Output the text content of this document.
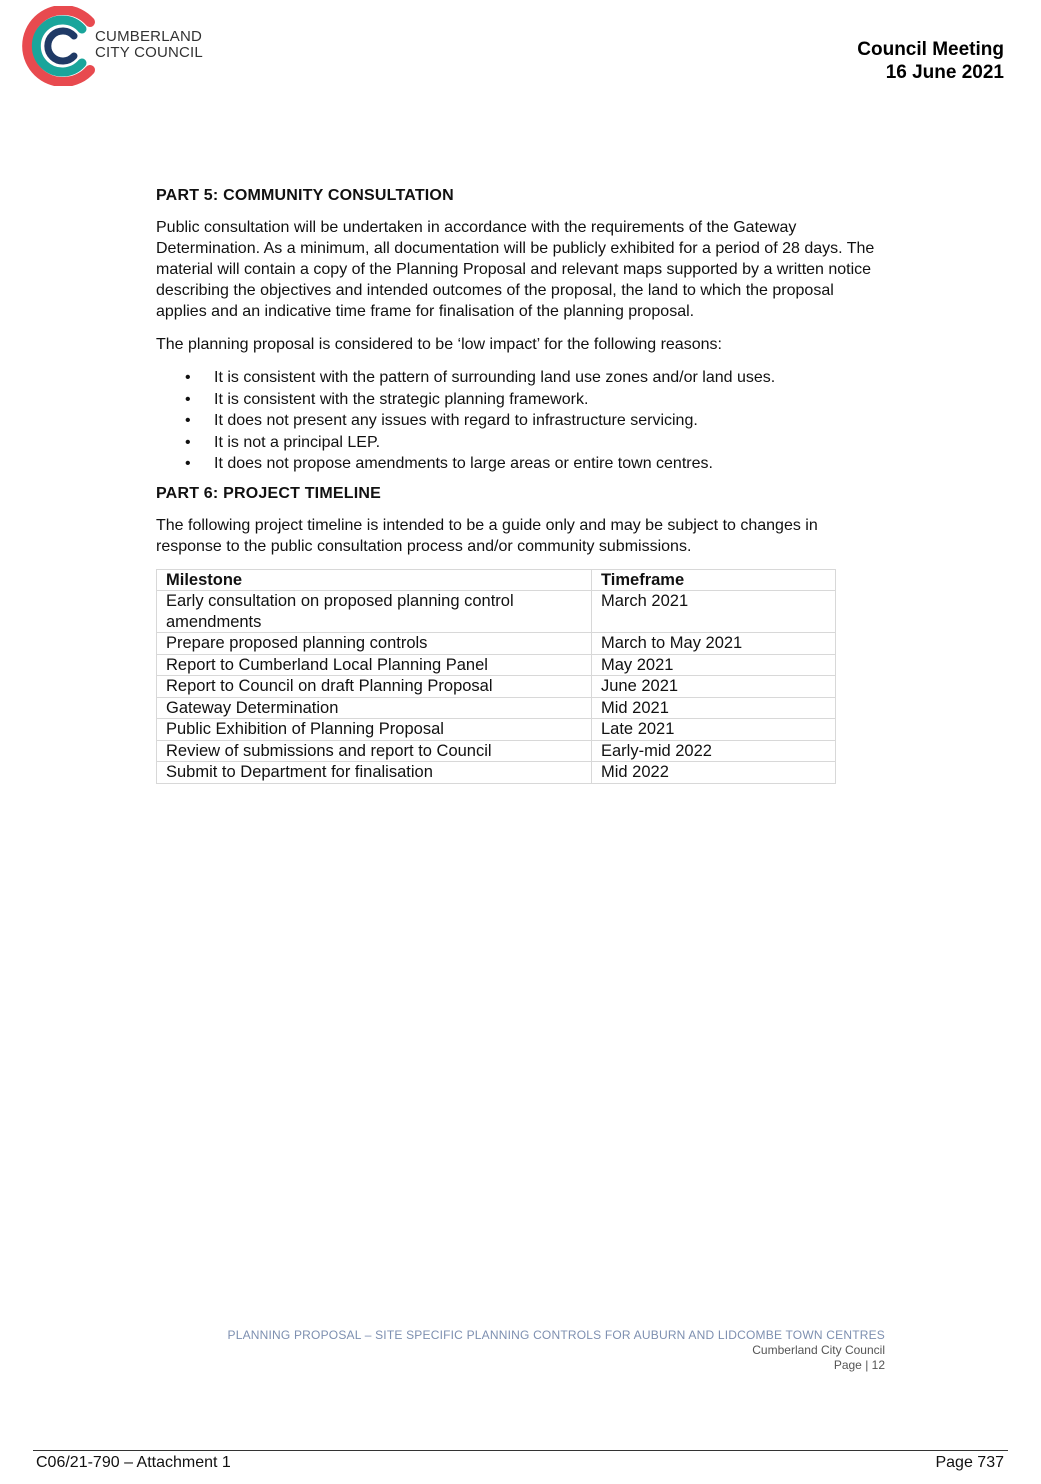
CUMBERLAND
CITY COUNCIL	Council Meeting
16 June 2021
PART 5: COMMUNITY CONSULTATION

Public consultation will be undertaken in accordance with the requirements of the Gateway Determination. As a minimum, all documentation will be publicly exhibited for a period of 28 days. The material will contain a copy of the Planning Proposal and relevant maps supported by a written notice describing the objectives and intended outcomes of the proposal, the land to which the proposal applies and an indicative time frame for finalisation of the planning proposal.

The planning proposal is considered to be ‘low impact’ for the following reasons:

• It is consistent with the pattern of surrounding land use zones and/or land uses.
• It is consistent with the strategic planning framework.
• It does not present any issues with regard to infrastructure servicing.
• It is not a principal LEP.
• It does not propose amendments to large areas or entire town centres.
PART 6: PROJECT TIMELINE

The following project timeline is intended to be a guide only and may be subject to changes in response to the public consultation process and/or community submissions.

Milestone	Timeframe
Early consultation on proposed planning control amendments	March 2021
Prepare proposed planning controls	March to May 2021
Report to Cumberland Local Planning Panel	May 2021
Report to Council on draft Planning Proposal	June 2021
Gateway Determination	Mid 2021
Public Exhibition of Planning Proposal	Late 2021
Review of submissions and report to Council	Early-mid 2022
Submit to Department for finalisation	Mid 2022
PLANNING PROPOSAL – SITE SPECIFIC PLANNING CONTROLS FOR AUBURN AND LIDCOMBE TOWN CENTRES
Cumberland City Council
Page | 12
C06/21-790 – Attachment 1	Page 737
